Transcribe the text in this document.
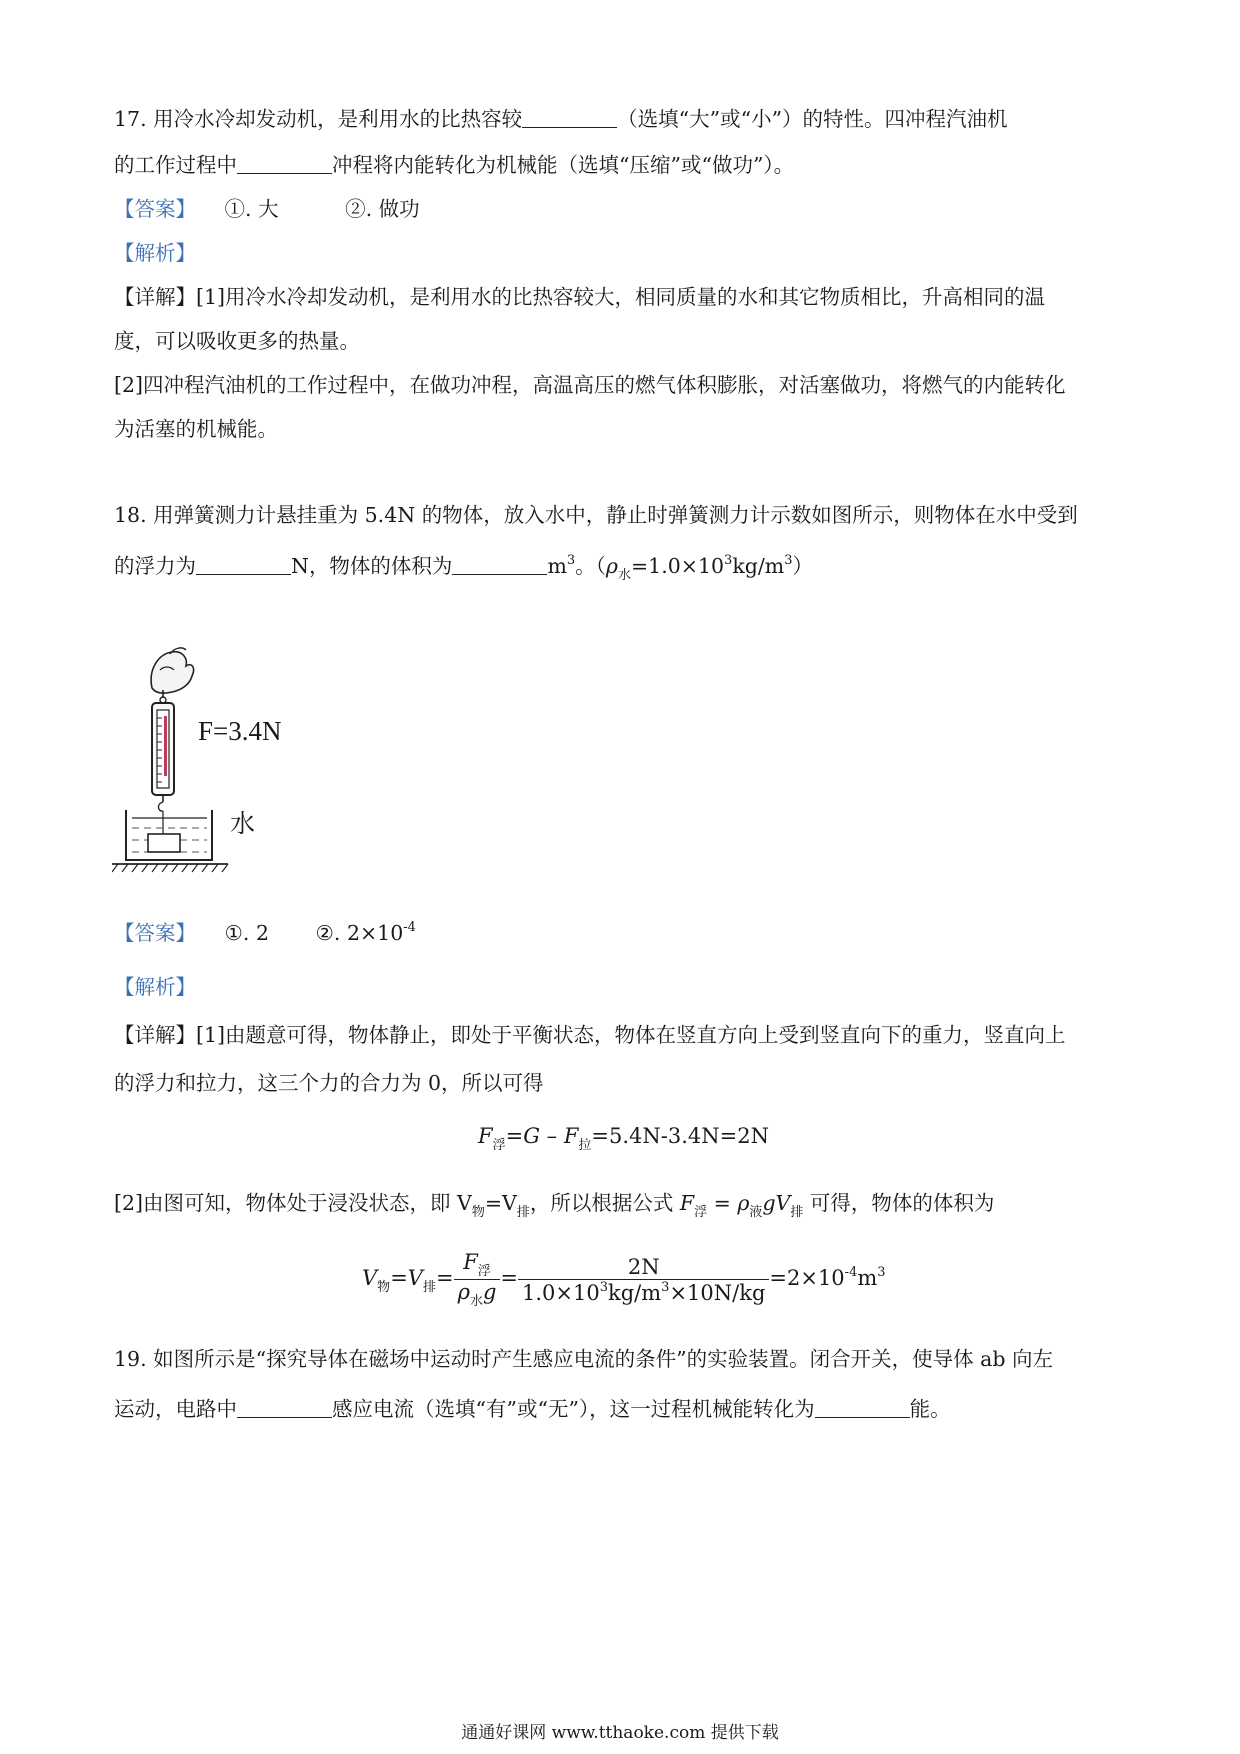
17. 用冷水冷却发动机，是利用水的比热容较	（选填“大”或“小”）的特性。四冲程汽油机
的工作过程中	冲程将内能转化为机械能（选填“压缩”或“做功”）。
【答案】 ①. 大	②. 做功
【解析】
【详解】[1]用冷水冷却发动机，是利用水的比热容较大，相同质量的水和其它物质相比，升高相同的温
度，可以吸收更多的热量。
[2]四冲程汽油机的工作过程中，在做功冲程，高温高压的燃气体积膨胀，对活塞做功，将燃气的内能转化
为活塞的机械能。
18. 用弹簧测力计悬挂重为 5.4N 的物体，放入水中，静止时弹簧测力计示数如图所示，则物体在水中受到
的浮力为	N，物体的体积为	$m^3$。$(\rho_水=1.0\times 10^3kg/m^3)$
F=3.4N
水
【答案】 ①. 2 ②. $2\times 10^{-4}$
【解析】
【详解】[1]由题意可得，物体静止，即处于平衡状态，物体在竖直方向上受到竖直向下的重力，竖直向上
的浮力和拉力，这三个力的合力为 0，所以可得
$F_浮=G - F_拉=5.4N-3.4N=2N$
[2]由图可知，物体处于浸没状态，即 $V_物=V_排$，所以根据公式 $F_浮 = \rho_液gV_排$ 可得，物体的体积为
$V_物=V_排= \frac{F_浮}{\rho_水g} = \frac{2N}{1.0\times 10^3kg/m^3\times 10N/kg} =2\times 10^{-4}m^3$
19. 如图所示是“探究导体在磁场中运动时产生感应电流的条件”的实验装置。闭合开关，使导体 ab 向左
运动，电路中	感应电流（选填“有”或“无”），这一过程机械能转化为	能。
通通好课网 www.tthaoke.com 提供下载
